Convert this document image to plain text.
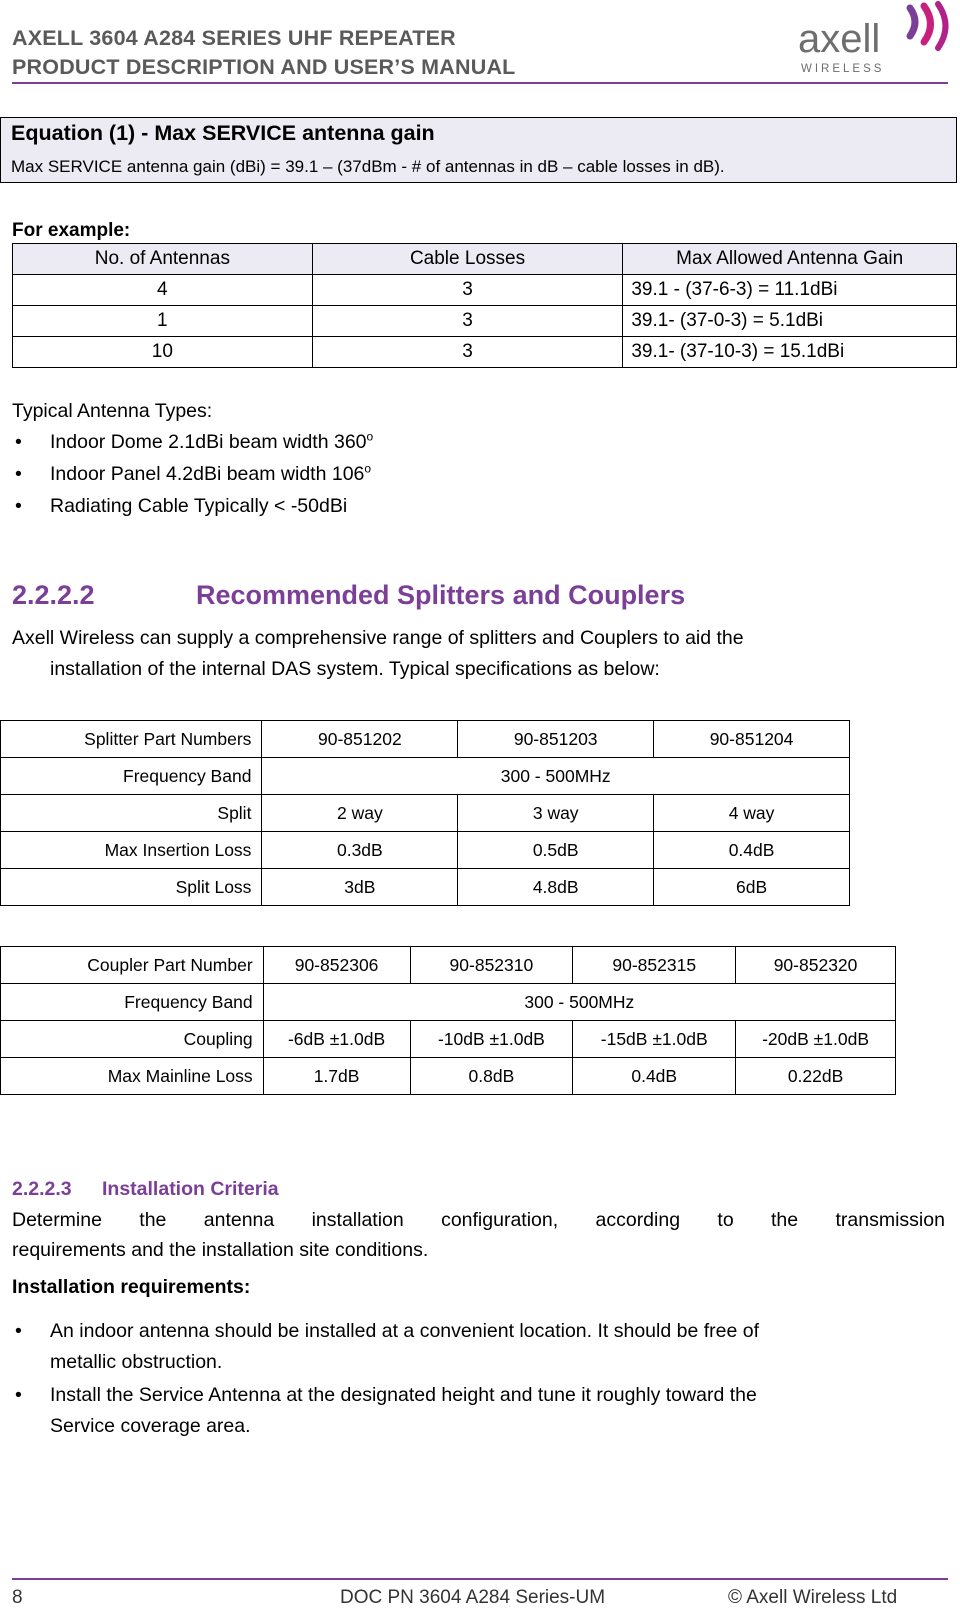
AXELL 3604 A284 SERIES UHF REPEATER
PRODUCT DESCRIPTION AND USER’S MANUAL
axell
WIRELESS
Equation (1) - Max SERVICE antenna gain
Max SERVICE antenna gain (dBi) = 39.1 – (37dBm - # of antennas in dB – cable losses in dB).
For example:
No. of Antennas	Cable Losses	Max Allowed Antenna Gain
4	3	39.1 - (37-6-3) = 11.1dBi
1	3	39.1- (37-0-3) = 5.1dBi
10	3	39.1- (37-10-3) = 15.1dBi
Typical Antenna Types:
• Indoor Dome 2.1dBi beam width 360$^o$
• Indoor Panel 4.2dBi beam width 106$^o$
• Radiating Cable Typically < -50dBi
2.2.2.2	Recommended Splitters and Couplers
Axell Wireless can supply a comprehensive range of splitters and Couplers to aid the
installation of the internal DAS system. Typical specifications as below:
Splitter Part Numbers	90-851202	90-851203	90-851204
Frequency Band	300 - 500MHz		
Split	2 way	3 way	4 way
Max Insertion Loss	0.3dB	0.5dB	0.4dB
Split Loss	3dB	4.8dB	6dB
Coupler Part Number	90-852306	90-852310	90-852315	90-852320
Frequency Band	300 - 500MHz			
Coupling	-6dB ±1.0dB	-10dB ±1.0dB	-15dB ±1.0dB	-20dB ±1.0dB
Max Mainline Loss	1.7dB	0.8dB	0.4dB	0.22dB
2.2.2.3 Installation Criteria
Determine the antenna installation configuration, according to the transmission
requirements and the installation site conditions.
Installation requirements:
• An indoor antenna should be installed at a convenient location. It should be free of
metallic obstruction.
• Install the Service Antenna at the designated height and tune it roughly toward the
Service coverage area.
8	DOC PN 3604 A284 Series-UM	© Axell Wireless Ltd
